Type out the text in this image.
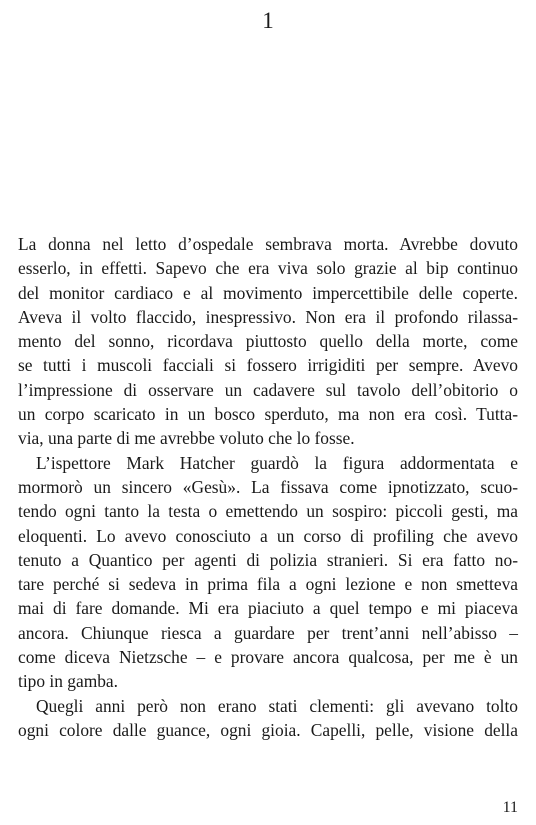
1
La donna nel letto d’ospedale sembrava morta. Avrebbe dovuto
esserlo, in effetti. Sapevo che era viva solo grazie al bip continuo
del monitor cardiaco e al movimento impercettibile delle coperte.
Aveva il volto flaccido, inespressivo. Non era il profondo rilassa-
mento del sonno, ricordava piuttosto quello della morte, come
se tutti i muscoli facciali si fossero irrigiditi per sempre. Avevo
l’impressione di osservare un cadavere sul tavolo dell’obitorio o
un corpo scaricato in un bosco sperduto, ma non era così. Tutta-
via, una parte di me avrebbe voluto che lo fosse.
L’ispettore Mark Hatcher guardò la figura addormentata e
mormorò un sincero «Gesù». La fissava come ipnotizzato, scuo-
tendo ogni tanto la testa o emettendo un sospiro: piccoli gesti, ma
eloquenti. Lo avevo conosciuto a un corso di profiling che avevo
tenuto a Quantico per agenti di polizia stranieri. Si era fatto no-
tare perché si sedeva in prima fila a ogni lezione e non smetteva
mai di fare domande. Mi era piaciuto a quel tempo e mi piaceva
ancora. Chiunque riesca a guardare per trent’anni nell’abisso –
come diceva Nietzsche – e provare ancora qualcosa, per me è un
tipo in gamba.
Quegli anni però non erano stati clementi: gli avevano tolto
ogni colore dalle guance, ogni gioia. Capelli, pelle, visione della
11
